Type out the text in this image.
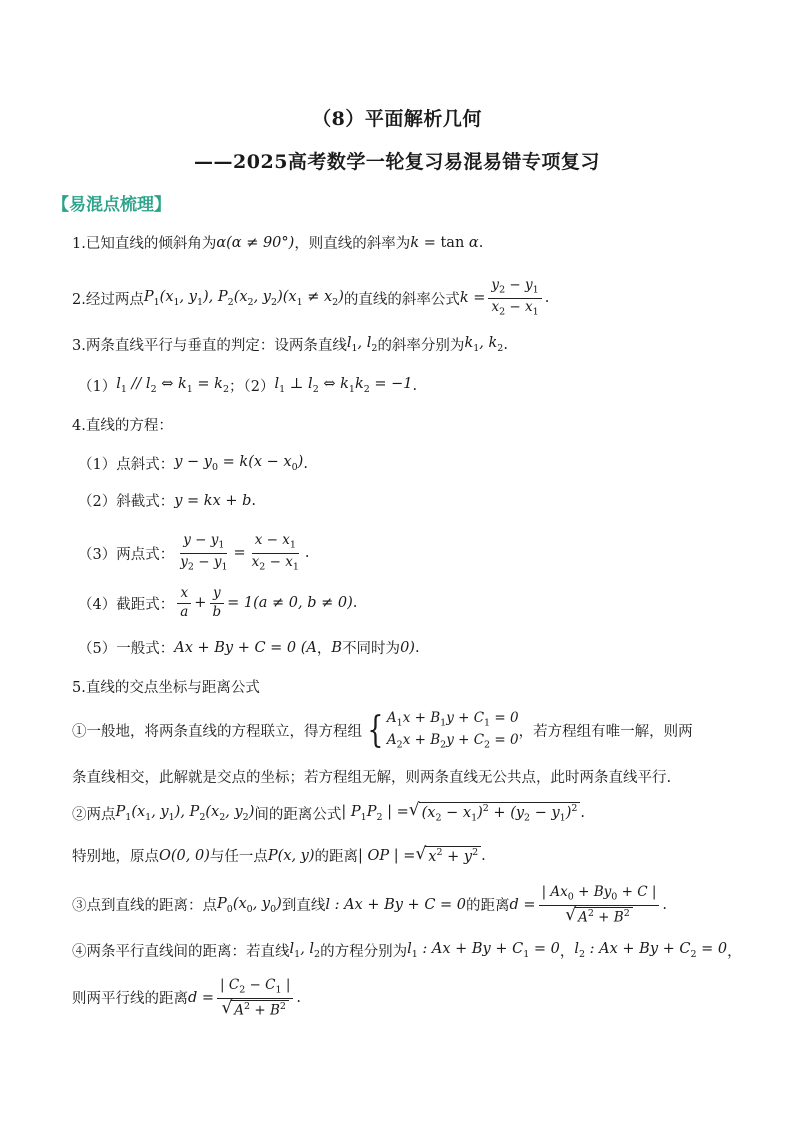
（8）平面解析几何
——2025高考数学一轮复习易混易错专项复习
【易混点梳理】
1.已知直线的倾斜角为 α(α ≠ 90°) ，则直线的斜率为 k = tan α .
2.经过两点 $P_1(x_1$, $y_1$), $P_2(x_2$, $y_2)(x_1 \ne x_2)$ 的直线的斜率公式 $k = \frac{y_2 - y_1}{x_2 - x_1}$ .
3.两条直线平行与垂直的判定：设两条直线 $l_1$, $l_2$ 的斜率分别为 $k_1$, $k_2$ .
（1） $l_1 // l_2$ ⇔ $k_1 = k_2$ ；（2） $l_1$ ⊥ $l_2$ ⇔ $k_1k_2 = -1$ .
4.直线的方程：
（1）点斜式： $y - y_0 = k(x - x_0)$ .
（2）斜截式： y = kx + b .
（3）两点式： $\frac{y - y_1}{y_2 - y_1} = \frac{x - x_1}{x_2 - x_1}$ .
（4）截距式： $\frac{x}{a} + \frac{y}{b} = 1(a \ne 0$, b ≠ 0) .
（5）一般式： Ax + By + C = 0 (A ， B 不同时为 0) .
5.直线的交点坐标与距离公式
①一般地，将两条直线的方程联立，得方程组 { $A_1x + B_1y + C_1 = 0$
$A_2x + B_2y + C_2 = 0$ ，若方程组有唯一解，则两
条直线相交，此解就是交点的坐标；若方程组无解，则两条直线无公共点，此时两条直线平行.
②两点 $P_1(x_1$, $y_1$), $P_2(x_2$, $y_2$) 间的距离公式 | $P_1P_2$ | = √ $(x_2 - x_1)^2 + (y_2 - y_1)^2$ .
特别地，原点 O(0, 0) 与任一点 P(x, y) 的距离 | OP | = √ $x^2 + y^2$ .
③点到直线的距离：点 $P_0(x_0$, $y_0$) 到直线 l : Ax + By + C = 0 的距离 $d = \frac{| Ax_0 + By_0 + C |}{√ A^2 + B^2}$ .
④两条平行直线间的距离：若直线 $l_1$, $l_2$ 的方程分别为 $l_1$ : $Ax + By + C_1 = 0$ ， $l_2$ : $Ax + By + C_2 = 0$ ，
则两平行线的距离 $d = \frac{| C_2 - C_1 |}{√ A^2 + B^2}$ .
